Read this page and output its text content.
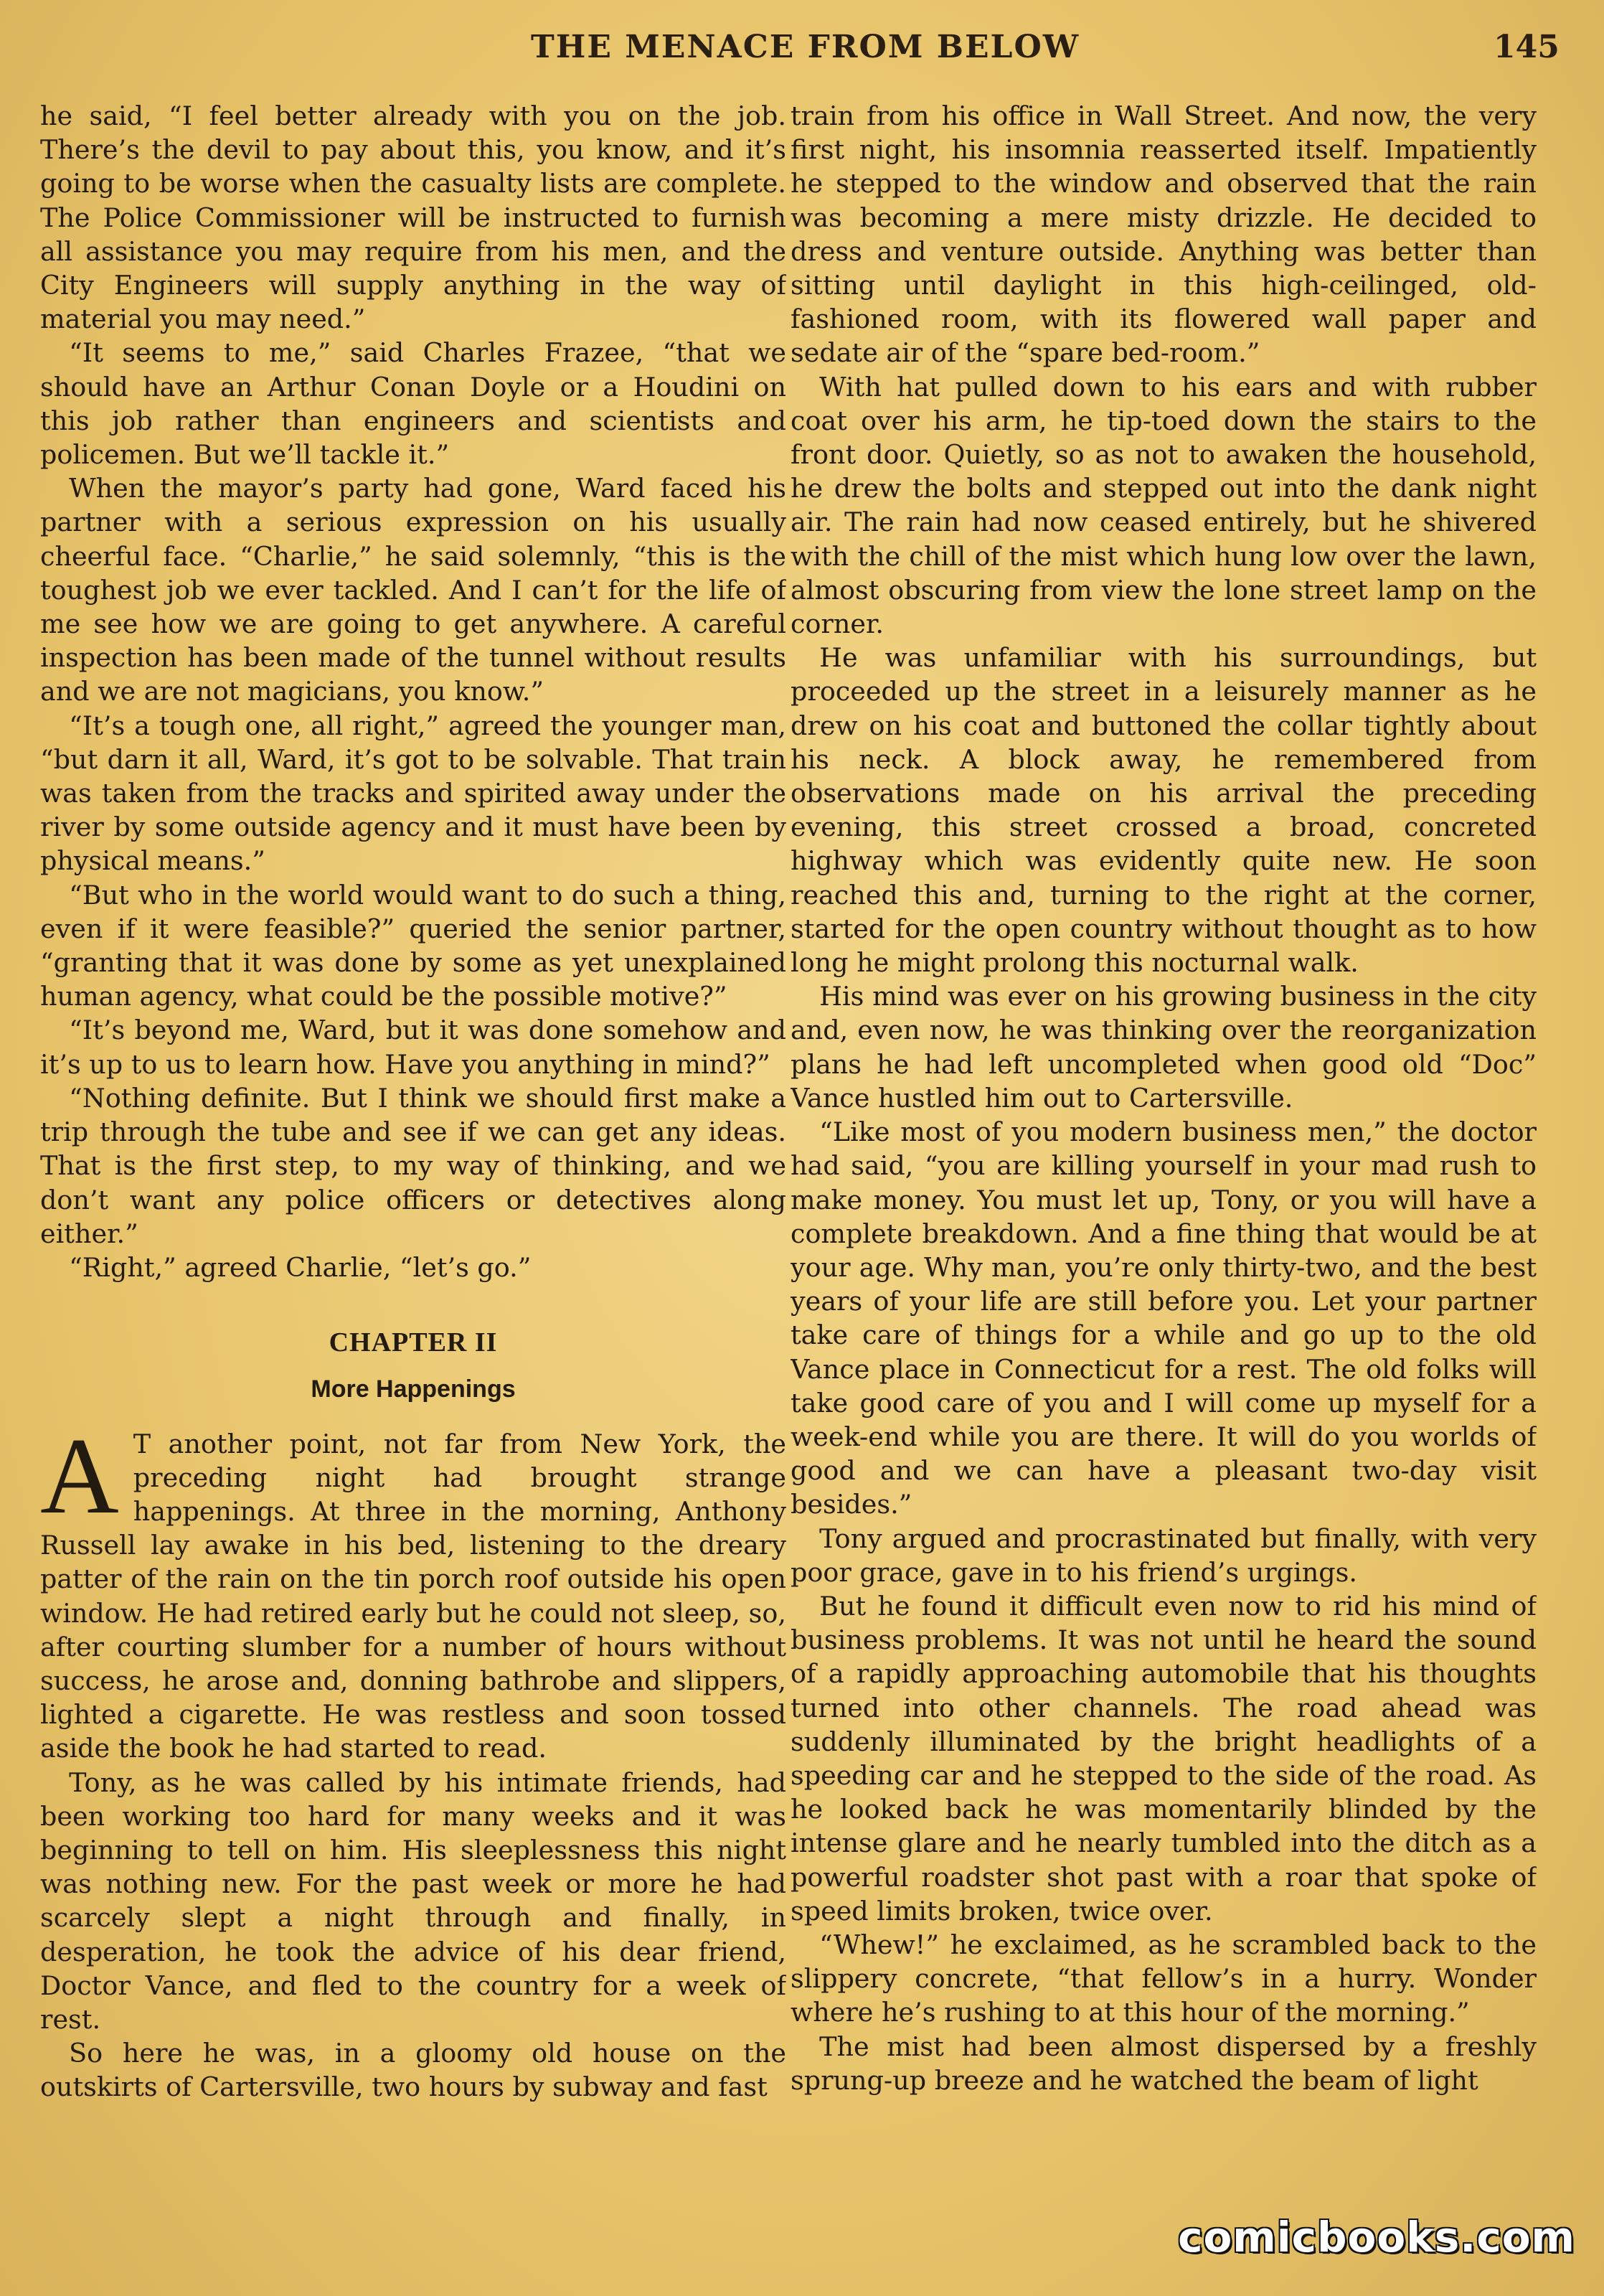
THE MENACE FROM BELOW	145

he said, “I feel better already with you on the job. There’s the devil to pay about this, you know, and it’s going to be worse when the casualty lists are complete. The Police Commissioner will be instructed to furnish all assistance you may require from his men, and the City Engineers will supply anything in the way of material you may need.”

“It seems to me,” said Charles Frazee, “that we should have an Arthur Conan Doyle or a Houdini on this job rather than engineers and scientists and policemen. But we’ll tackle it.”

When the mayor’s party had gone, Ward faced his partner with a serious expression on his usually cheerful face. “Charlie,” he said solemnly, “this is the toughest job we ever tackled. And I can’t for the life of me see how we are going to get anywhere. A careful inspection has been made of the tunnel without results and we are not magicians, you know.”

“It’s a tough one, all right,” agreed the younger man, “but darn it all, Ward, it’s got to be solvable. That train was taken from the tracks and spirited away under the river by some outside agency and it must have been by physical means.”

“But who in the world would want to do such a thing, even if it were feasible?” queried the senior partner, “granting that it was done by some as yet unexplained human agency, what could be the possible motive?”

“It’s beyond me, Ward, but it was done somehow and it’s up to us to learn how. Have you anything in mind?”

“Nothing definite. But I think we should first make a trip through the tube and see if we can get any ideas. That is the first step, to my way of thinking, and we don’t want any police officers or detectives along either.”

“Right,” agreed Charlie, “let’s go.”

CHAPTER II
More Happenings

A T another point, not far from New York, the preceding night had brought strange happenings. At three in the morning, Anthony Russell lay awake in his bed, listening to the dreary patter of the rain on the tin porch roof outside his open window. He had retired early but he could not sleep, so, after courting slumber for a number of hours without success, he arose and, donning bathrobe and slippers, lighted a cigarette. He was restless and soon tossed aside the book he had started to read.

Tony, as he was called by his intimate friends, had been working too hard for many weeks and it was beginning to tell on him. His sleeplessness this night was nothing new. For the past week or more he had scarcely slept a night through and finally, in desperation, he took the advice of his dear friend, Doctor Vance, and fled to the country for a week of rest.

So here he was, in a gloomy old house on the outskirts of Cartersville, two hours by subway and fast

train from his office in Wall Street. And now, the very first night, his insomnia reasserted itself. Impatiently he stepped to the window and observed that the rain was becoming a mere misty drizzle. He decided to dress and venture outside. Anything was better than sitting until daylight in this high-ceilinged, old-fashioned room, with its flowered wall paper and sedate air of the “spare bed-room.”

With hat pulled down to his ears and with rubber coat over his arm, he tip-toed down the stairs to the front door. Quietly, so as not to awaken the household, he drew the bolts and stepped out into the dank night air. The rain had now ceased entirely, but he shivered with the chill of the mist which hung low over the lawn, almost obscuring from view the lone street lamp on the corner.

He was unfamiliar with his surroundings, but proceeded up the street in a leisurely manner as he drew on his coat and buttoned the collar tightly about his neck. A block away, he remembered from observations made on his arrival the preceding evening, this street crossed a broad, concreted highway which was evidently quite new. He soon reached this and, turning to the right at the corner, started for the open country without thought as to how long he might prolong this nocturnal walk.

His mind was ever on his growing business in the city and, even now, he was thinking over the reorganization plans he had left uncompleted when good old “Doc” Vance hustled him out to Cartersville.

“Like most of you modern business men,” the doctor had said, “you are killing yourself in your mad rush to make money. You must let up, Tony, or you will have a complete breakdown. And a fine thing that would be at your age. Why man, you’re only thirty-two, and the best years of your life are still before you. Let your partner take care of things for a while and go up to the old Vance place in Connecticut for a rest. The old folks will take good care of you and I will come up myself for a week-end while you are there. It will do you worlds of good and we can have a pleasant two-day visit besides.”

Tony argued and procrastinated but finally, with very poor grace, gave in to his friend’s urgings.

But he found it difficult even now to rid his mind of business problems. It was not until he heard the sound of a rapidly approaching automobile that his thoughts turned into other channels. The road ahead was suddenly illuminated by the bright headlights of a speeding car and he stepped to the side of the road. As he looked back he was momentarily blinded by the intense glare and he nearly tumbled into the ditch as a powerful roadster shot past with a roar that spoke of speed limits broken, twice over.

“Whew!” he exclaimed, as he scrambled back to the slippery concrete, “that fellow’s in a hurry. Wonder where he’s rushing to at this hour of the morning.”

The mist had been almost dispersed by a freshly sprung-up breeze and he watched the beam of light

comicbooks.com
